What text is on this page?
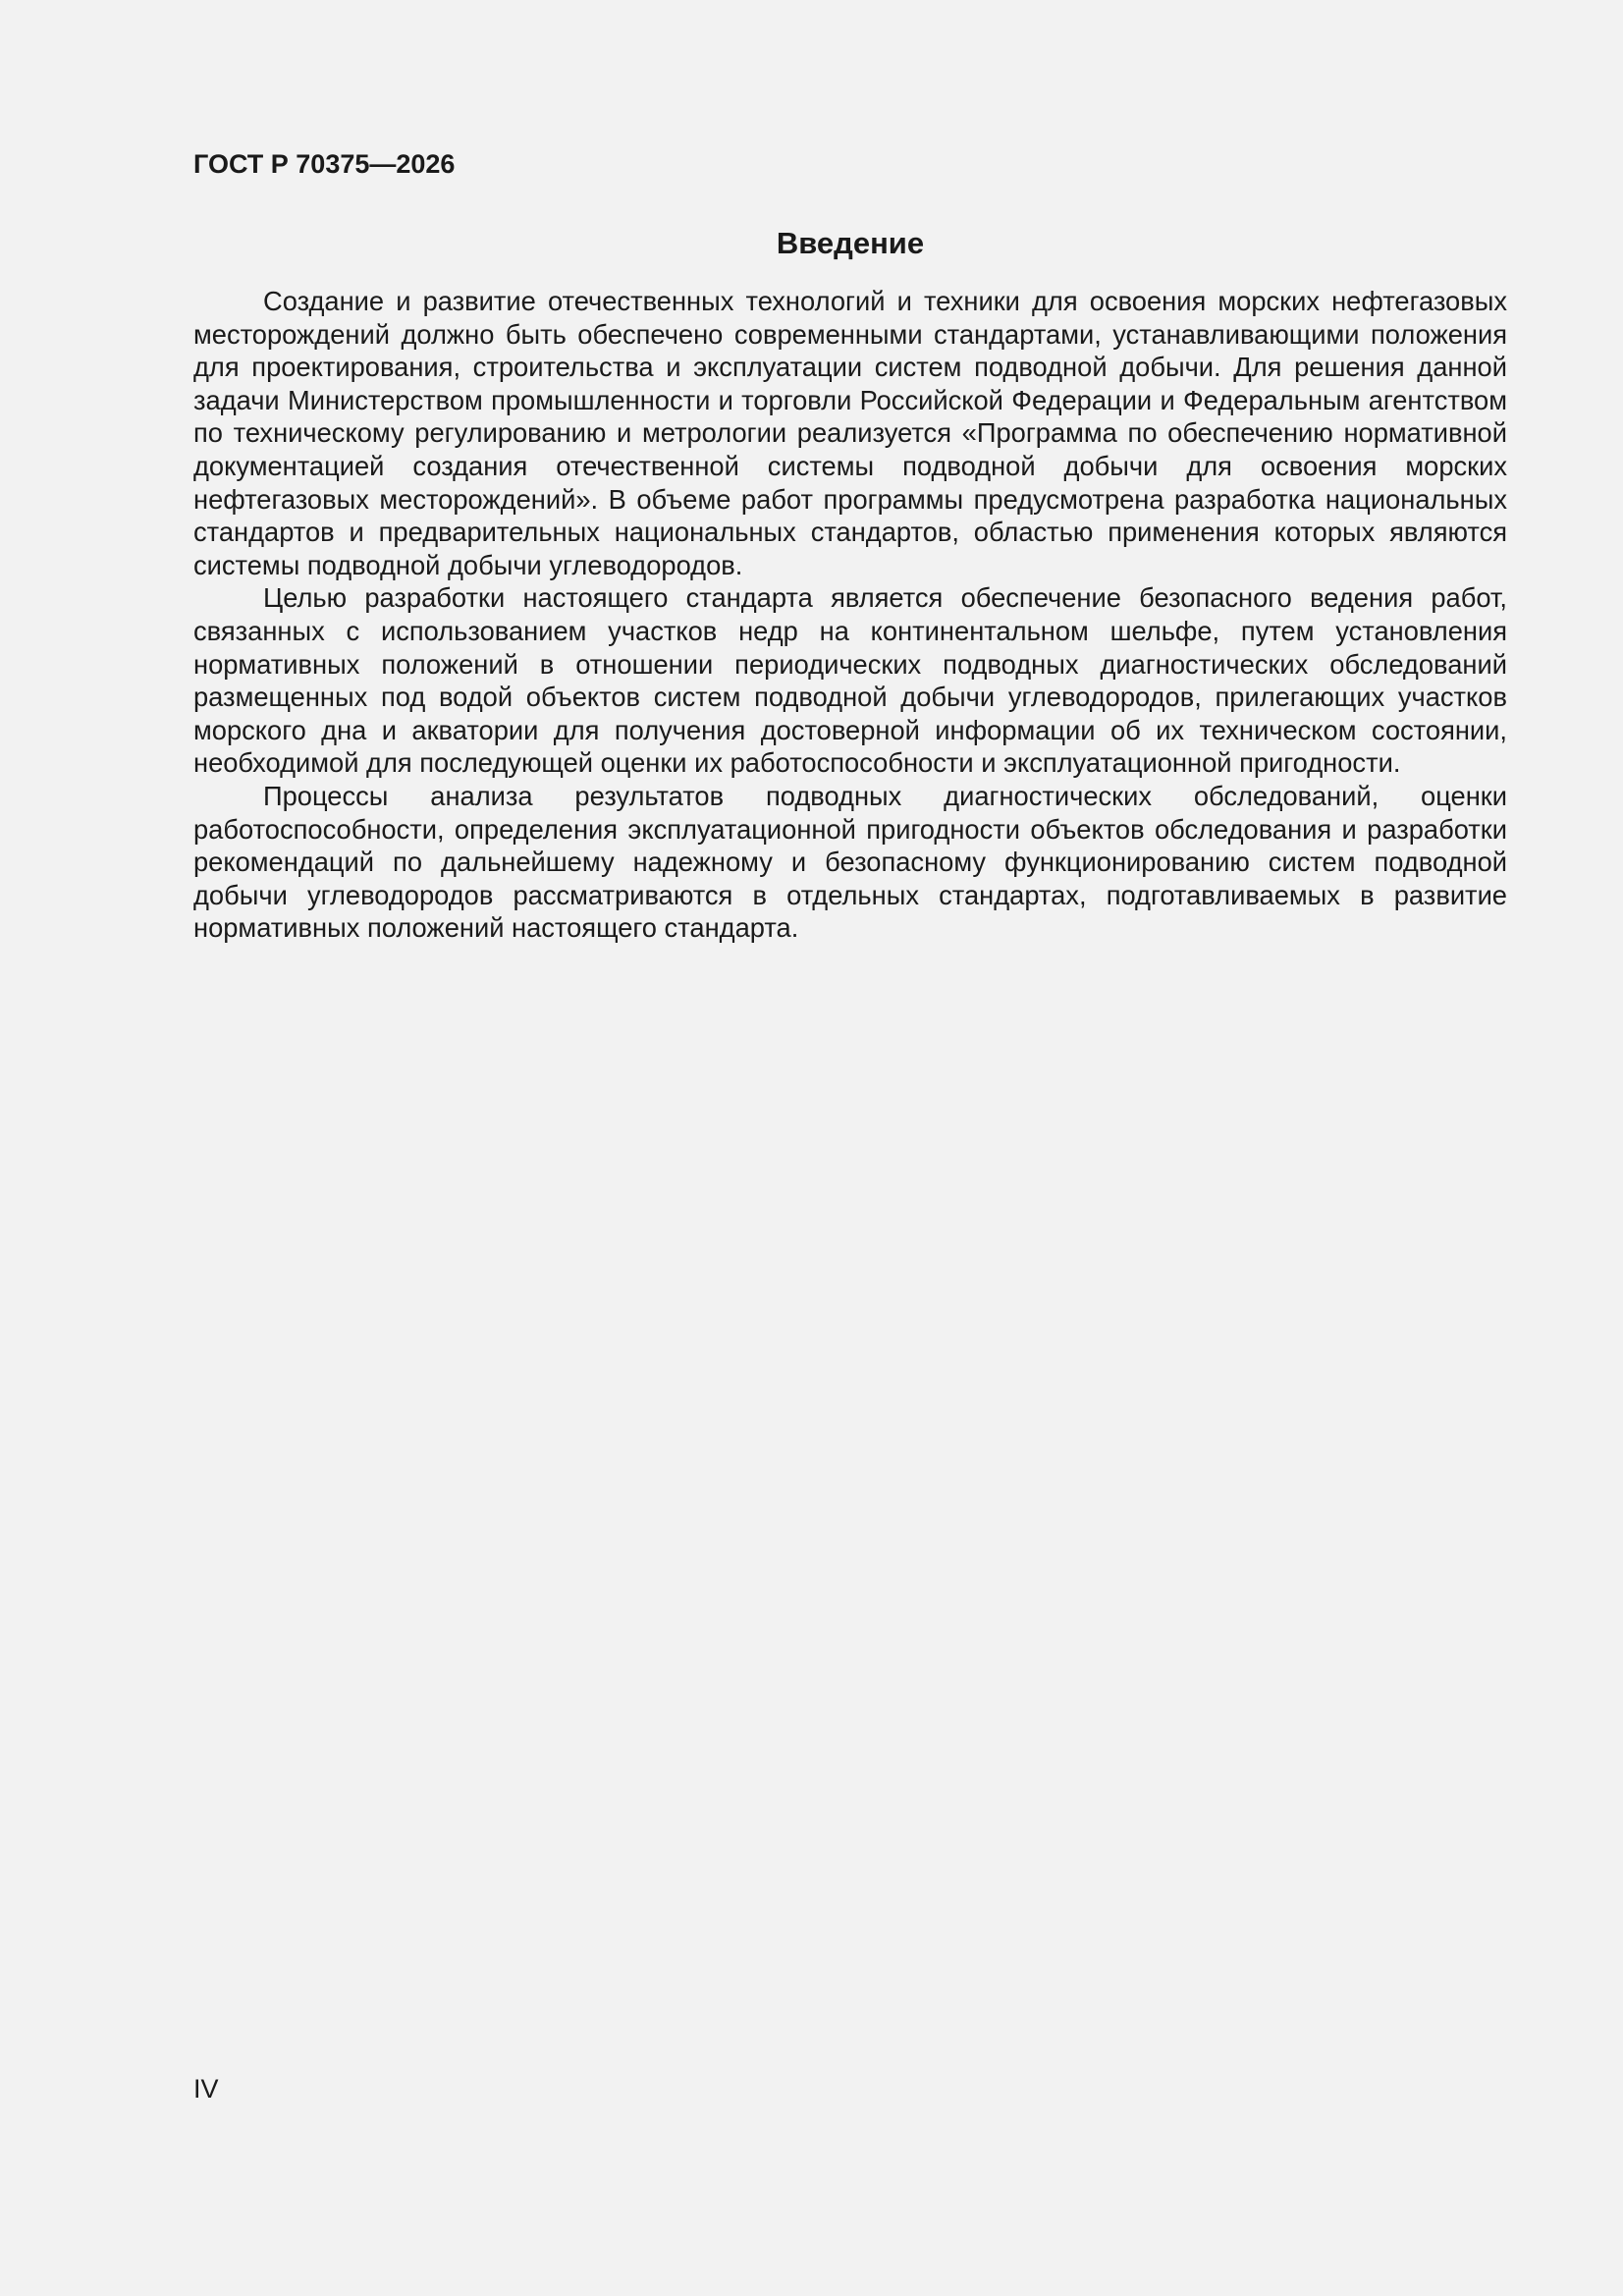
ГОСТ Р 70375—2026
Введение

Создание и развитие отечественных технологий и техники для освоения морских нефтегазовых месторождений должно быть обеспечено современными стандартами, устанавливающими положения для проектирования, строительства и эксплуатации систем подводной добычи. Для решения данной задачи Министерством промышленности и торговли Российской Федерации и Федеральным агентством по техническому регулированию и метрологии реализуется «Программа по обеспечению нормативной документацией создания отечественной системы подводной добычи для освоения морских нефтегазовых месторождений». В объеме работ программы предусмотрена разработка национальных стандартов и предварительных национальных стандартов, областью применения которых являются системы подводной добычи углеводородов.

Целью разработки настоящего стандарта является обеспечение безопасного ведения работ, связанных с использованием участков недр на континентальном шельфе, путем установления нормативных положений в отношении периодических подводных диагностических обследований размещенных под водой объектов систем подводной добычи углеводородов, прилегающих участков морского дна и акватории для получения достоверной информации об их техническом состоянии, необходимой для последующей оценки их работоспособности и эксплуатационной пригодности.

Процессы анализа результатов подводных диагностических обследований, оценки работоспособности, определения эксплуатационной пригодности объектов обследования и разработки рекомендаций по дальнейшему надежному и безопасному функционированию систем подводной добычи углеводородов рассматриваются в отдельных стандартах, подготавливаемых в развитие нормативных положений настоящего стандарта.

IV
